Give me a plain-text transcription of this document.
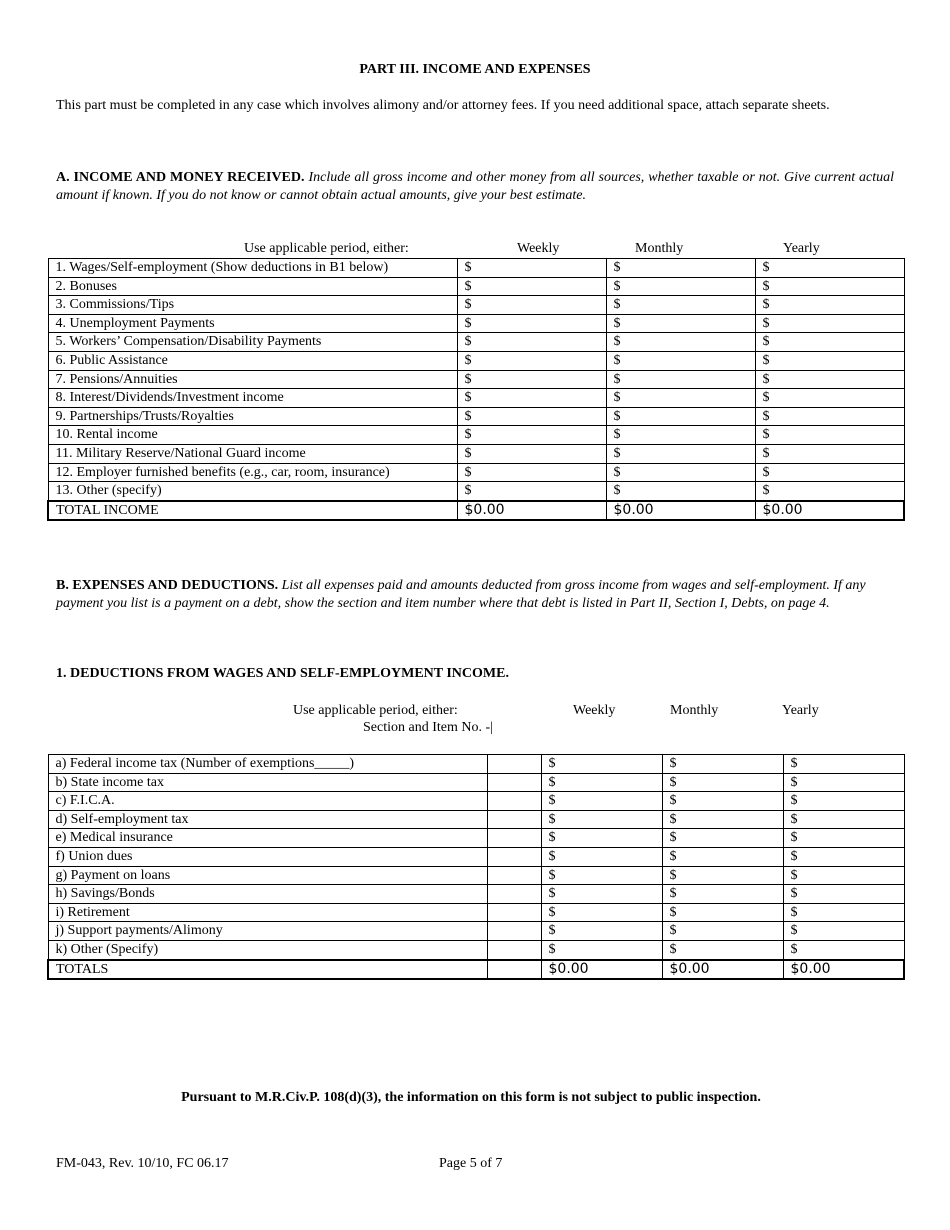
PART III. INCOME AND EXPENSES

This part must be completed in any case which involves alimony and/or attorney fees. If you need additional space, attach separate sheets.

A. INCOME AND MONEY RECEIVED. Include all gross income and other money from all sources, whether taxable or not. Give current actual amount if known. If you do not know or cannot obtain actual amounts, give your best estimate.

Use applicable period, either:	Weekly	Monthly	Yearly
1. Wages/Self-employment (Show deductions in B1 below)	$	$	$
2. Bonuses	$	$	$
3. Commissions/Tips	$	$	$
4. Unemployment Payments	$	$	$
5. Workers’ Compensation/Disability Payments	$	$	$
6. Public Assistance	$	$	$
7. Pensions/Annuities	$	$	$
8. Interest/Dividends/Investment income	$	$	$
9. Partnerships/Trusts/Royalties	$	$	$
10. Rental income	$	$	$
11. Military Reserve/National Guard income	$	$	$
12. Employer furnished benefits (e.g., car, room, insurance)	$	$	$
13. Other (specify)	$	$	$
TOTAL INCOME	$0.00	$0.00	$0.00

B. EXPENSES AND DEDUCTIONS. List all expenses paid and amounts deducted from gross income from wages and self-employment. If any payment you list is a payment on a debt, show the section and item number where that debt is listed in Part II, Section I, Debts, on page 4.

1. DEDUCTIONS FROM WAGES AND SELF-EMPLOYMENT INCOME.
Use applicable period, either:
Section and Item No. -|
Weekly	Monthly	Yearly
a) Federal income tax (Number of exemptions_____)		$	$	$
b) State income tax		$	$	$
c) F.I.C.A.		$	$	$
d) Self-employment tax		$	$	$
e) Medical insurance		$	$	$
f) Union dues		$	$	$
g) Payment on loans		$	$	$
h) Savings/Bonds		$	$	$
i) Retirement		$	$	$
j) Support payments/Alimony		$	$	$
k) Other (Specify)		$	$	$
TOTALS		$0.00	$0.00	$0.00
Pursuant to M.R.Civ.P. 108(d)(3), the information on this form is not subject to public inspection.
FM-043, Rev. 10/10, FC 06.17	Page 5 of 7
